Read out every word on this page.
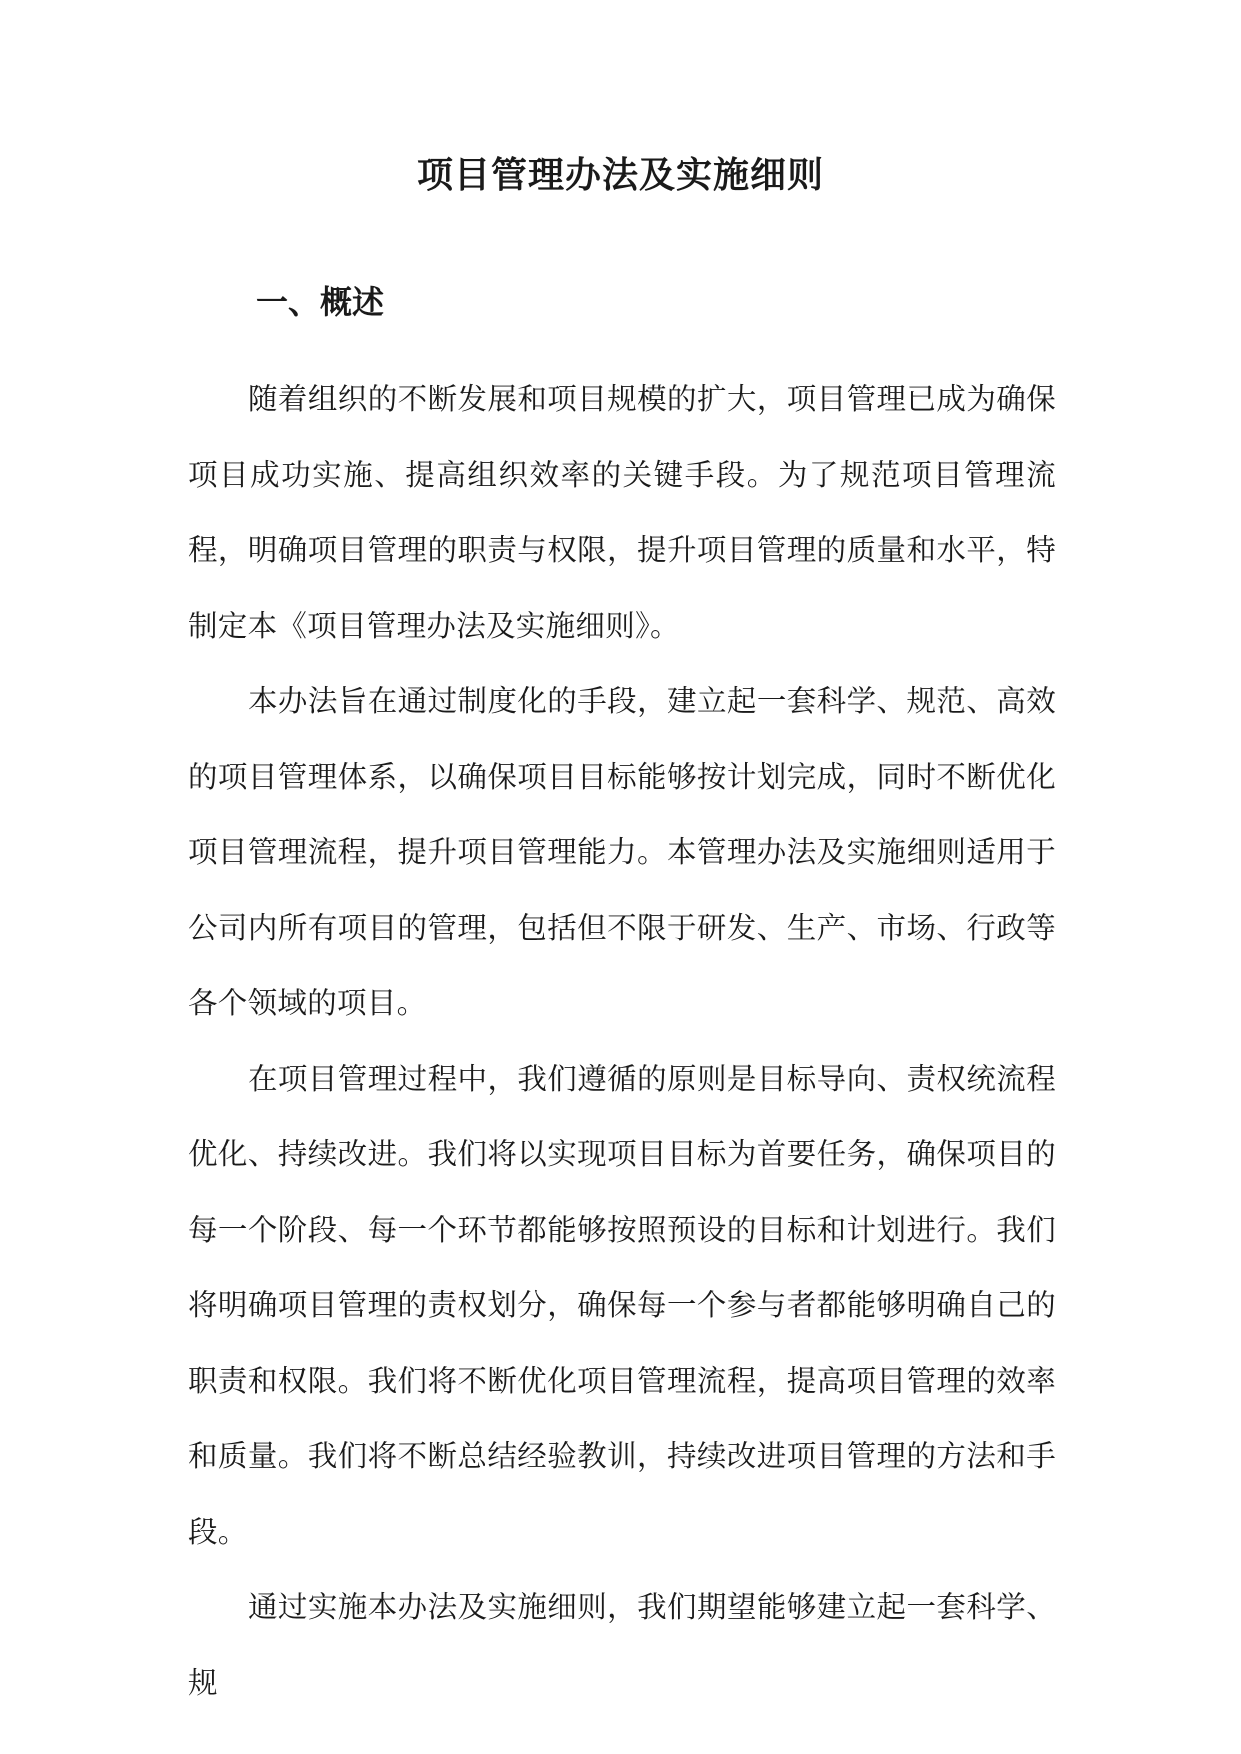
项目管理办法及实施细则
一、概述

随着组织的不断发展和项目规模的扩大，项目管理已成为确保项目成功实施、提高组织效率的关键手段。为了规范项目管理流程，明确项目管理的职责与权限，提升项目管理的质量和水平，特制定本《项目管理办法及实施细则》。

本办法旨在通过制度化的手段，建立起一套科学、规范、高效的项目管理体系，以确保项目目标能够按计划完成，同时不断优化项目管理流程，提升项目管理能力。本管理办法及实施细则适用于公司内所有项目的管理，包括但不限于研发、生产、市场、行政等各个领域的项目。

在项目管理过程中，我们遵循的原则是目标导向、责权统流程优化、持续改进。我们将以实现项目目标为首要任务，确保项目的每一个阶段、每一个环节都能够按照预设的目标和计划进行。我们将明确项目管理的责权划分，确保每一个参与者都能够明确自己的职责和权限。我们将不断优化项目管理流程，提高项目管理的效率和质量。我们将不断总结经验教训，持续改进项目管理的方法和手段。

通过实施本办法及实施细则，我们期望能够建立起一套科学、规
